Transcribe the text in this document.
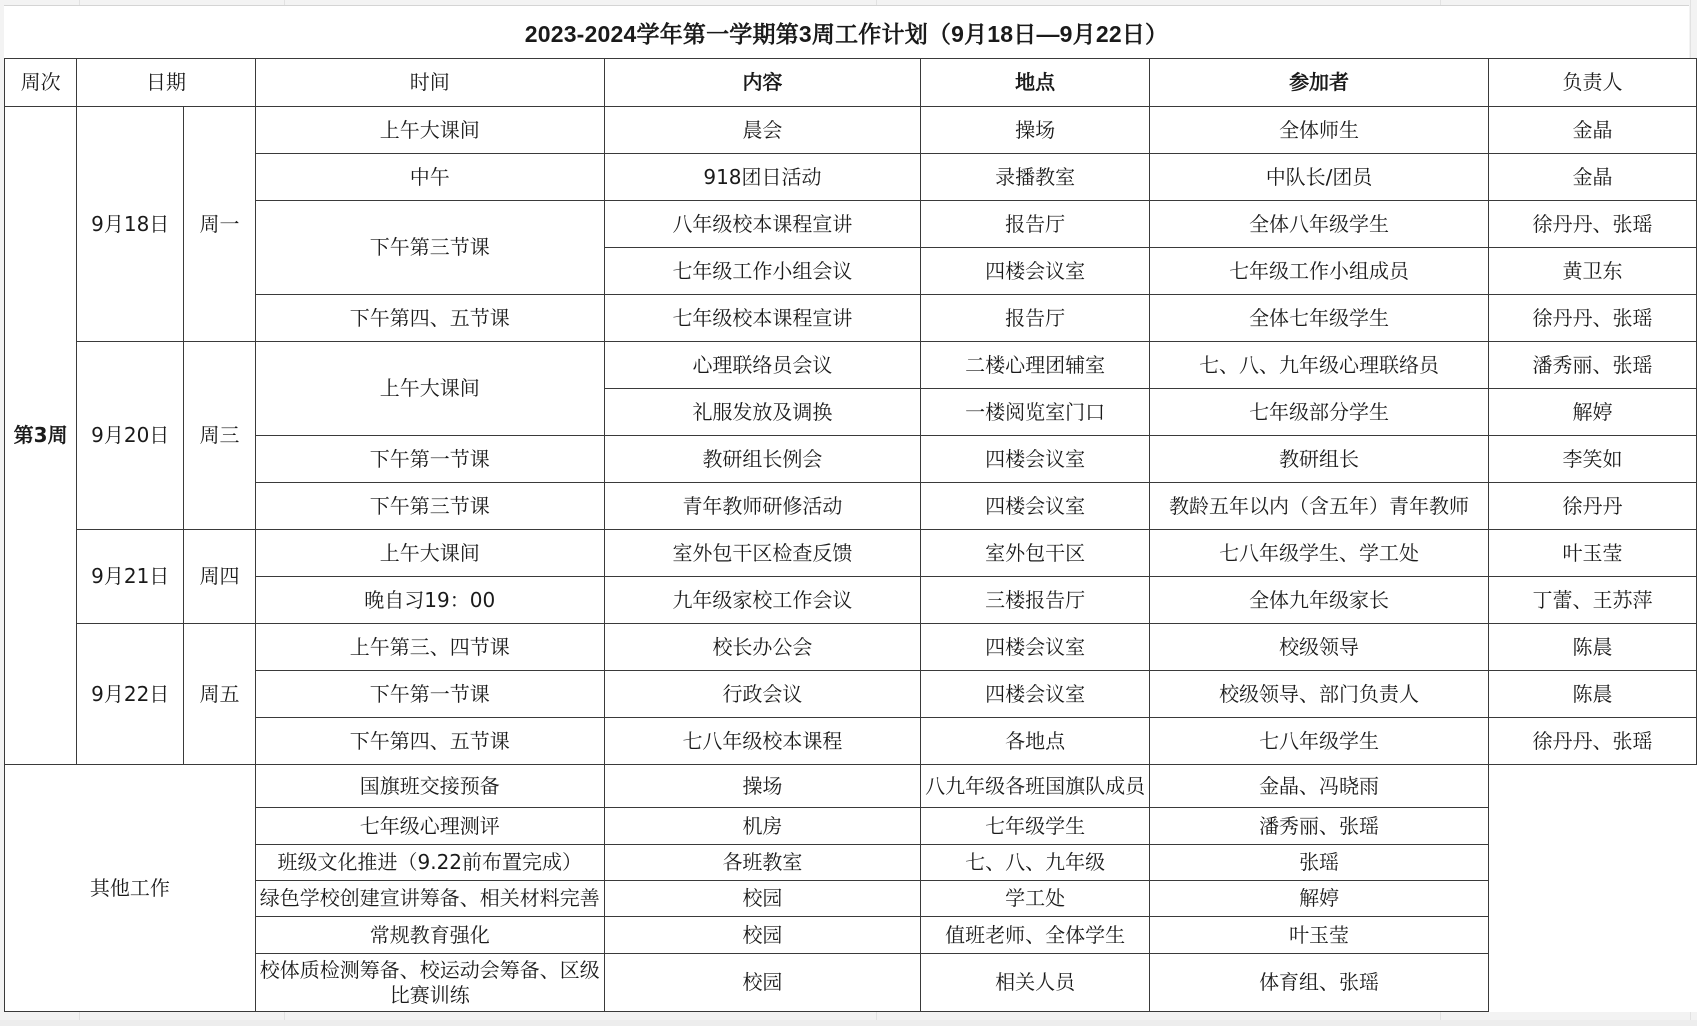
2023-2024学年第一学期第3周工作计划（9月18日—9月22日）
周次	日期		时间	内容	地点	参加者	负责人
第3周	9月18日	周一	上午大课间	晨会	操场	全体师生	金晶
			中午	918团日活动	录播教室	中队长/团员	金晶
			下午第三节课	八年级校本课程宣讲	报告厅	全体八年级学生	徐丹丹、张瑶
				七年级工作小组会议	四楼会议室	七年级工作小组成员	黄卫东
			下午第四、五节课	七年级校本课程宣讲	报告厅	全体七年级学生	徐丹丹、张瑶
	9月20日	周三	上午大课间	心理联络员会议	二楼心理团辅室	七、八、九年级心理联络员	潘秀丽、张瑶
				礼服发放及调换	一楼阅览室门口	七年级部分学生	解婷
			下午第一节课	教研组长例会	四楼会议室	教研组长	李笑如
			下午第三节课	青年教师研修活动	四楼会议室	教龄五年以内（含五年）青年教师	徐丹丹
	9月21日	周四	上午大课间	室外包干区检查反馈	室外包干区	七八年级学生、学工处	叶玉莹
			晚自习19：00	九年级家校工作会议	三楼报告厅	全体九年级家长	丁蕾、王苏萍
	9月22日	周五	上午第三、四节课	校长办公会	四楼会议室	校级领导	陈晨
			下午第一节课	行政会议	四楼会议室	校级领导、部门负责人	陈晨
			下午第四、五节课	七八年级校本课程	各地点	七八年级学生	徐丹丹、张瑶
其他工作			国旗班交接预备	操场	八九年级各班国旗队成员	金晶、冯晓雨	
			七年级心理测评	机房	七年级学生	潘秀丽、张瑶	
			班级文化推进（9.22前布置完成）	各班教室	七、八、九年级	张瑶	
			绿色学校创建宣讲筹备、相关材料完善	校园	学工处	解婷	
			常规教育强化	校园	值班老师、全体学生	叶玉莹	
			校体质检测筹备、校运动会筹备、区级比赛训练	校园	相关人员	体育组、张瑶	
